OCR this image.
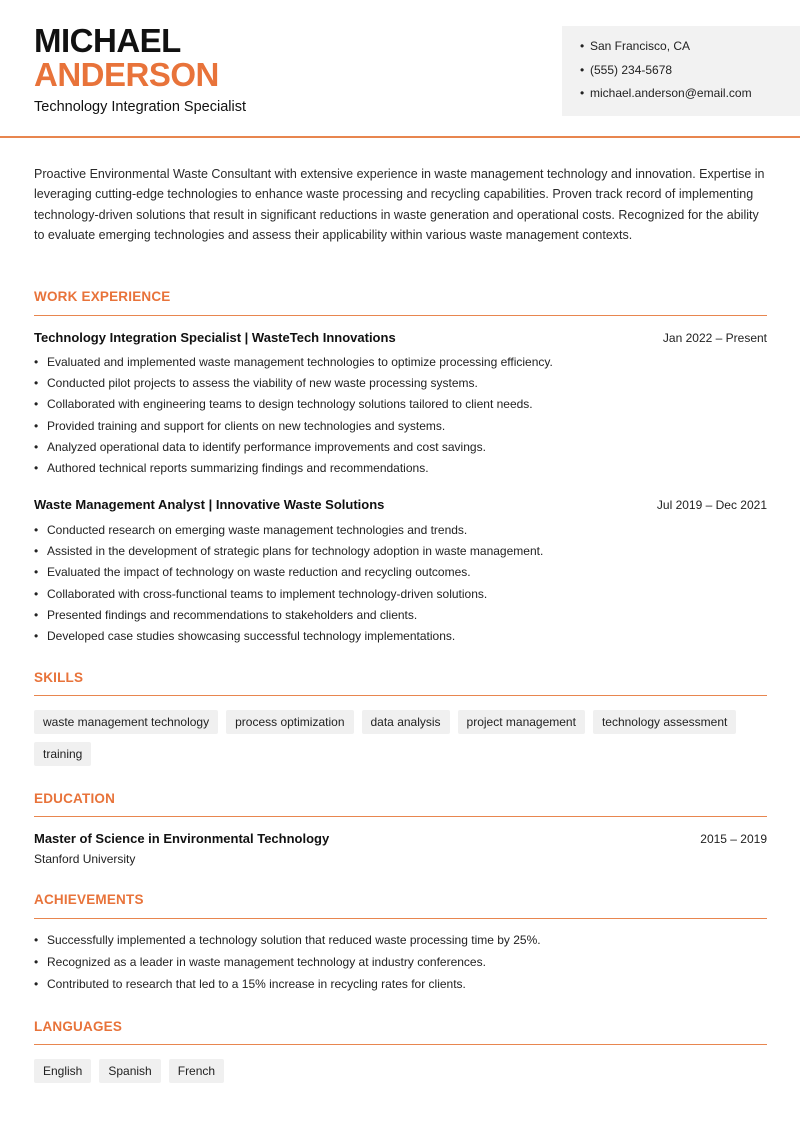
MICHAEL
ANDERSON
Technology Integration Specialist
• San Francisco, CA
• (555) 234-5678
• michael.anderson@email.com
Proactive Environmental Waste Consultant with extensive experience in waste management technology and innovation. Expertise in leveraging cutting-edge technologies to enhance waste processing and recycling capabilities. Proven track record of implementing technology-driven solutions that result in significant reductions in waste generation and operational costs. Recognized for the ability to evaluate emerging technologies and assess their applicability within various waste management contexts.
WORK EXPERIENCE
Technology Integration Specialist | WasteTech Innovations	Jan 2022 – Present
• Evaluated and implemented waste management technologies to optimize processing efficiency.
• Conducted pilot projects to assess the viability of new waste processing systems.
• Collaborated with engineering teams to design technology solutions tailored to client needs.
• Provided training and support for clients on new technologies and systems.
• Analyzed operational data to identify performance improvements and cost savings.
• Authored technical reports summarizing findings and recommendations.
Waste Management Analyst | Innovative Waste Solutions	Jul 2019 – Dec 2021
• Conducted research on emerging waste management technologies and trends.
• Assisted in the development of strategic plans for technology adoption in waste management.
• Evaluated the impact of technology on waste reduction and recycling outcomes.
• Collaborated with cross-functional teams to implement technology-driven solutions.
• Presented findings and recommendations to stakeholders and clients.
• Developed case studies showcasing successful technology implementations.
SKILLS
waste management technology	process optimization	data analysis	project management	technology assessment
training
EDUCATION
Master of Science in Environmental Technology	2015 – 2019
Stanford University
ACHIEVEMENTS
• Successfully implemented a technology solution that reduced waste processing time by 25%.
• Recognized as a leader in waste management technology at industry conferences.
• Contributed to research that led to a 15% increase in recycling rates for clients.
LANGUAGES
English	Spanish	French
